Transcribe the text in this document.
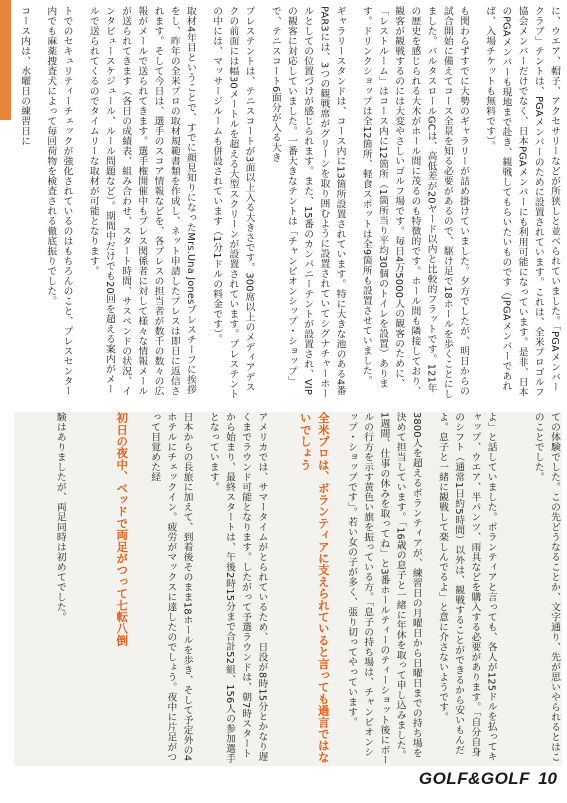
に、ウエア、帽子、アクセサリーなどが所狭しと並べられていました。「PGAメンバークラブ」テントは、PGAメンバーのために設置されています。これは、全米プロゴルフ協会メンバーだけでなく、日本PGAメンバーにも利用可能になっています。是非、日本のPGAメンバーも現地まで赴き、観戦してもらいたいものです（JPGAメンバーであれば、入場チケットも無料です）。
も関わらずすでに大勢のギャラリーが詰め掛けていました。夕方でしたが、明日からの試合開始に備えてコース全景を知る必要があるので、駆け足で18ホールを歩くことにしました。バルタスロールGCは、高低差が20ヤード以内と比較的フラットです。121年の歴史を感じられる大木がホール間に茂るのも特徴的です。ホール間も隣接しており、観客が観戦するのには大変やさしいゴルフ場です。毎日4万5000人の観客のために、「レストルーム」はコース内に12箇所（1箇所当り平均30個のトイレを設置）あります。ドリンクショップは全12箇所、軽食スポットは全9箇所も設置させていました。
ギャラリースタンドは、コース内に13箇所設置されています。特に大きな池のある4番PAR3には、3つの観戦席がグリーンを取り囲むように設置されていてシグナチャーホールとしての位置づけが感じられます。また、15番のカンパニーテントが設置され、VIPの観客に対応していました。一番大きなテントは「チャンピオンシップ・ショップ」で、テニスコート6面分が入る大き
プレステントは、テニスコートが3面以上入る大きさです。300席以上のメディアデスクの前面には幅30メートルを超える大型スクリーンが設置されています。プレステントの中には、マッサージルームも併設されています（1分1ドルの料金です）。
取材4年目ということで、すでに顔見知りになったMrs.Una Jonesプレスチーフに挨拶をし、昨年の全米プロの取材規範書類を作成し、ネット申請したプレスは即日に返信されます。そして今日は、選手のスコア情報などを、各プレスの担当者が数千の数々の広報がメールで送られてきます。選手権開催中もプレス関係者に対して様々な情報メールが送られてきます（各日の成績表、組み合わせ、スタート時間、サスペンドの状況、インタビュースケジュール、ルール問題など）。期間中だけでも20回を超える案内がメールで送られてくるのでタイムリーな取材が可能となります。
トでのセキュリティーチェックが強化されているのはもちろんのこと、プレスセンター内でも麻薬捜査犬によって毎回荷物を検査される徹底振りでした。
コース内は、水曜日の練習日に
ての体験でした。この先どうなることか、文字通り、先が思いやられるとはこのことでした。
よ」と話していました。ボランティアと言っても、各人が125ドルを払ってキャップ、ウエア、半パンツ、雨具などを購入する必要があります。「自分自身のシフト（通常1日約5時間）以外は、観戦することができるから安いもんだよ。息子と一緒に観戦して楽しんでるよ」と意に介さないようです。
3800人を超えるボランティアが、練習日の月曜日から日曜日までの持ち場を決めて担当しています。「16歳の息子と一緒に年休を取って申し込みました。1週間、仕事の休みを取ってね」と3番ホールティーのティーショット後にボールの行方を示す黄色い旗を振っている方。「息子の持ち場は、チャンピオンシップ・ショップです」。若い女の子が多く、張り切ってやっています。
全米プロは、ボランティアに支えられていると言っても過言ではないでしょう
アメリカでは、サマータイムがとられているため、日没が8時15分とかなり遅くまでラウンド可能となります。したがって予選ラウンドは、朝7時スタートから始まり、最終スタートは、午後2時15分まで合計52組、156人の参加選手となっています。
日本からの長旅に加えて、到着後そのまま18ホールを歩き、そして予定外の4ホテルにチェックイン。疲労がマックスに達したのでしょう。夜中に片足がつって目覚めた経
初日の夜中、ベッドで両足がつって七転八倒
験はありましたが、両足同時は初めてでした。
GOLF&GOLF 10
